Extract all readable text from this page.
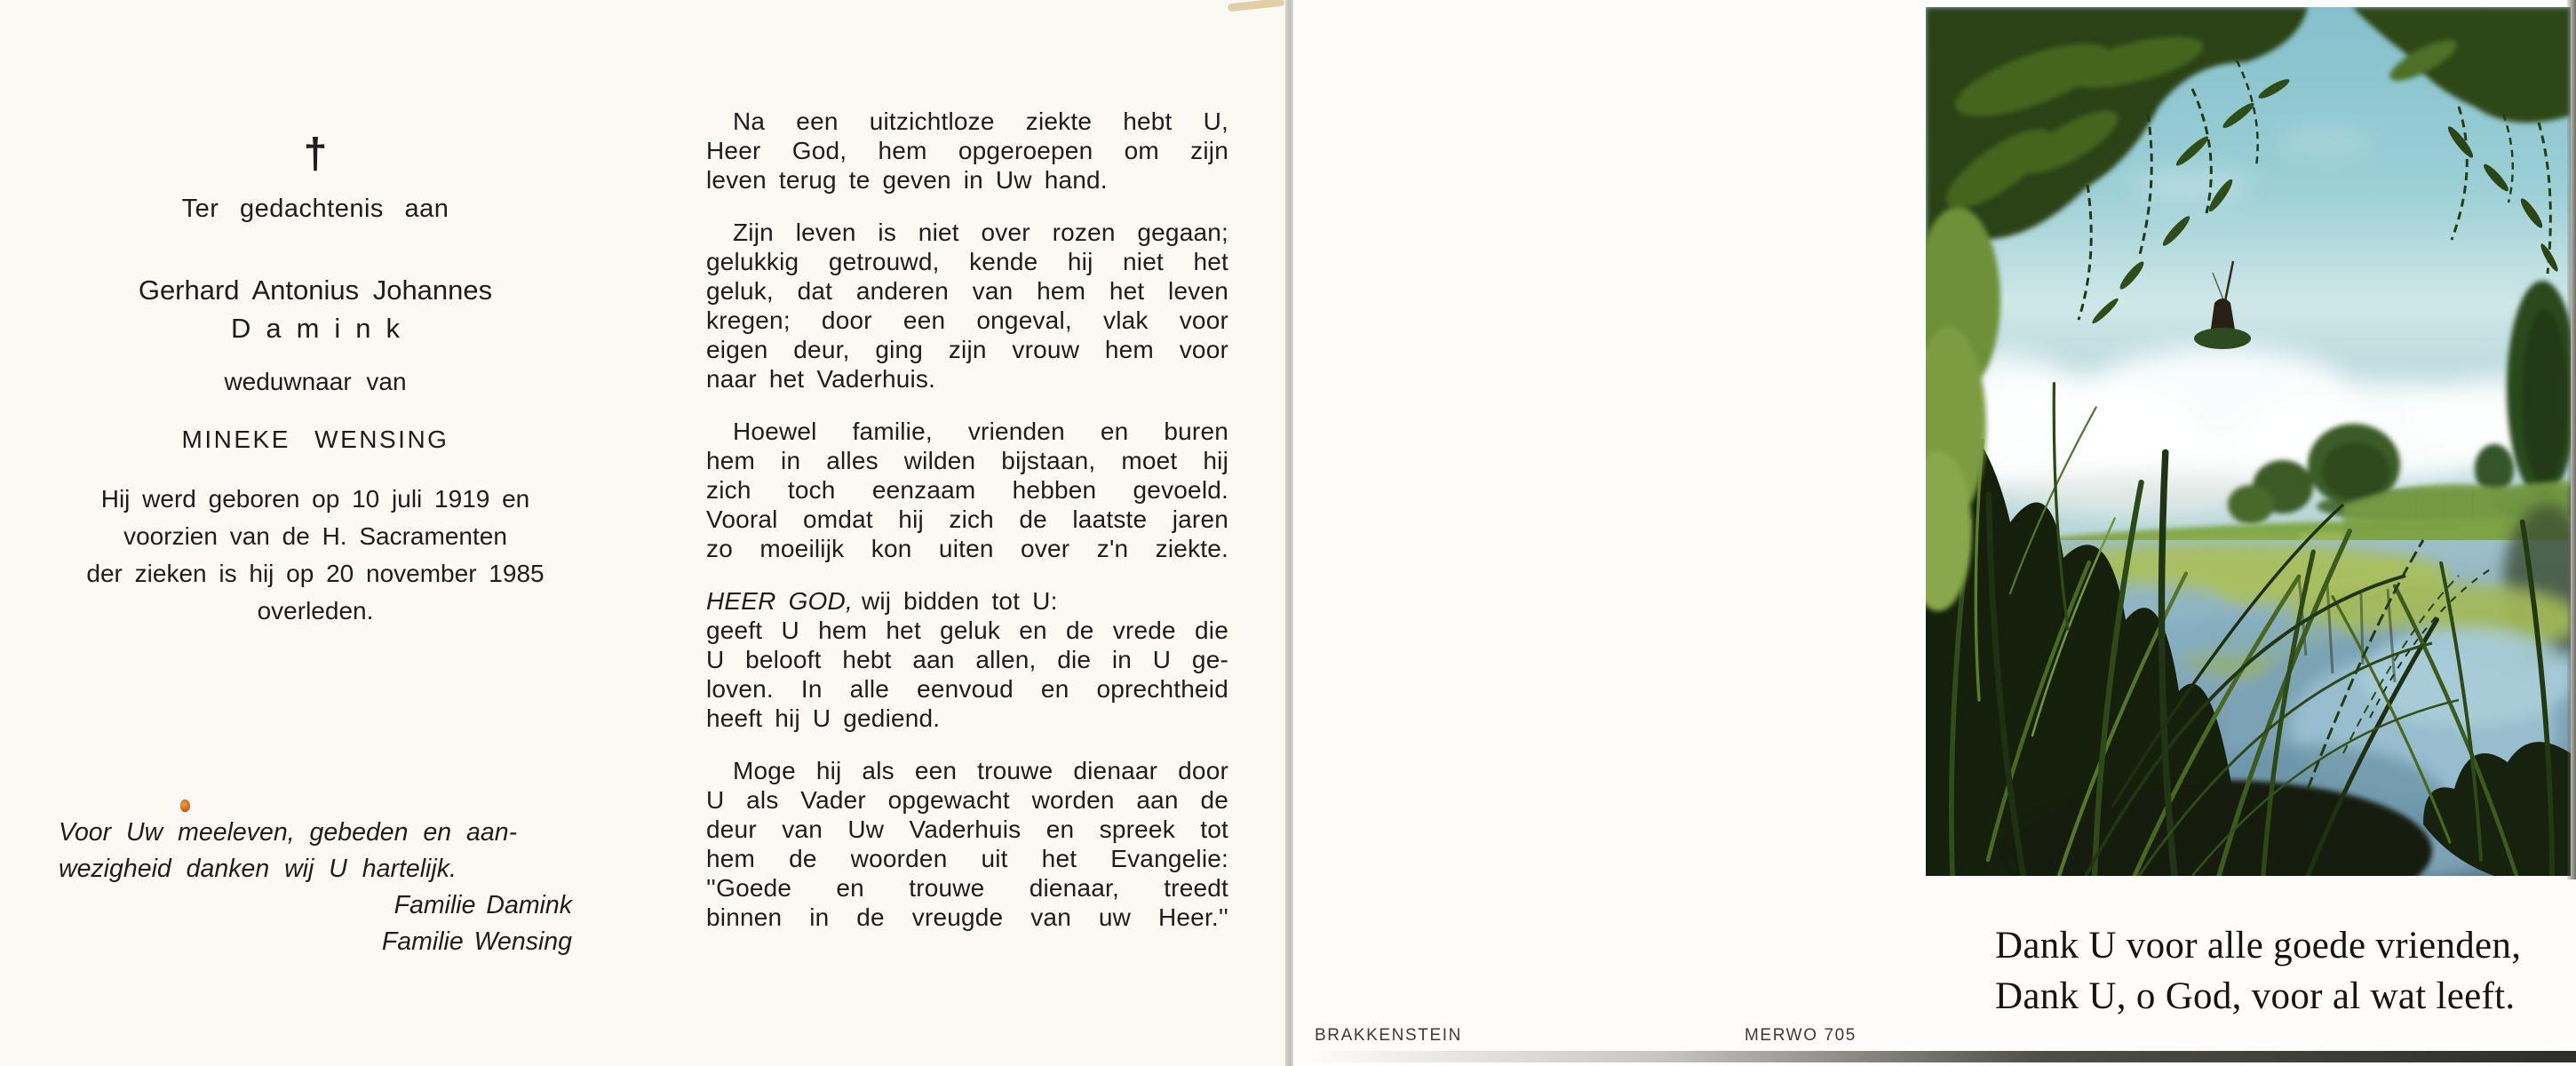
†
Ter gedachtenis aan
Gerhard Antonius Johannes
Damink
weduwnaar van
MINEKE WENSING
Hij werd geboren op 10 juli 1919 en
voorzien van de H. Sacramenten
der zieken is hij op 20 november 1985
overleden.
Voor Uw meeleven, gebeden en aan-
wezigheid danken wij U hartelijk.
Familie Damink
Familie Wensing
Na een uitzichtloze ziekte hebt U,
Heer God, hem opgeroepen om zijn
leven terug te geven in Uw hand.
Zijn leven is niet over rozen gegaan;
gelukkig getrouwd, kende hij niet het
geluk, dat anderen van hem het leven
kregen; door een ongeval, vlak voor
eigen deur, ging zijn vrouw hem voor
naar het Vaderhuis.
Hoewel familie, vrienden en buren
hem in alles wilden bijstaan, moet hij
zich toch eenzaam hebben gevoeld.
Vooral omdat hij zich de laatste jaren
zo moeilijk kon uiten over z'n ziekte.
HEER GOD, wij bidden tot U:
geeft U hem het geluk en de vrede die
U belooft hebt aan allen, die in U ge-
loven. In alle eenvoud en oprechtheid
heeft hij U gediend.
Moge hij als een trouwe dienaar door
U als Vader opgewacht worden aan de
deur van Uw Vaderhuis en spreek tot
hem de woorden uit het Evangelie:
''Goede en trouwe dienaar, treedt
binnen in de vreugde van uw Heer.''
BRAKKENSTEIN	MERWO 705
Dank U voor alle goede vrienden,
Dank U, o God, voor al wat leeft.
